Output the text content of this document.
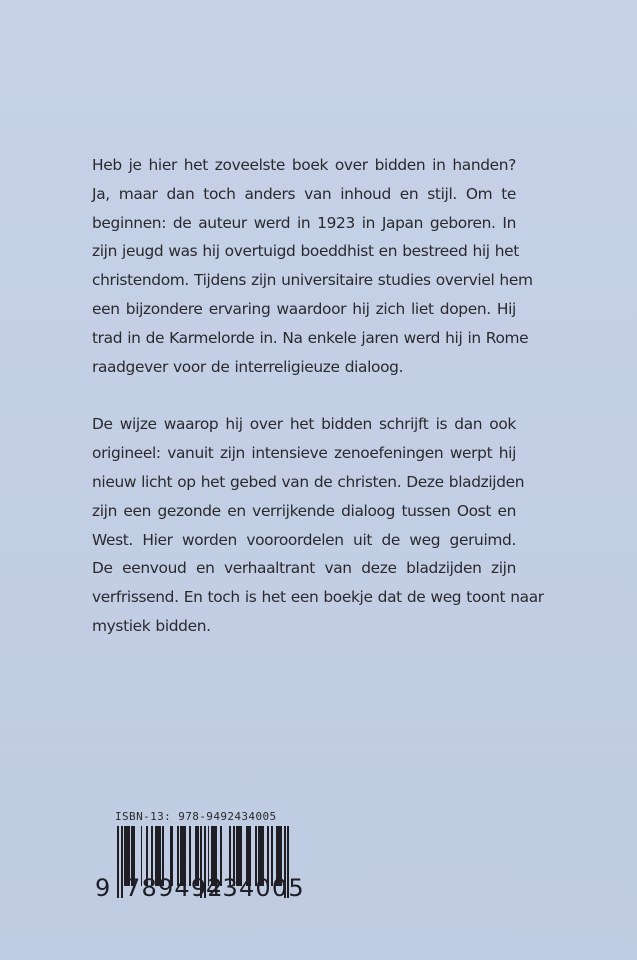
Heb je hier het zoveelste boek over bidden in handen?
Ja, maar dan toch anders van inhoud en stijl. Om te
beginnen: de auteur werd in 1923 in Japan geboren. In
zijn jeugd was hij overtuigd boeddhist en bestreed hij het
christendom. Tijdens zijn universitaire studies overviel hem
een bijzondere ervaring waardoor hij zich liet dopen. Hij
trad in de Karmelorde in. Na enkele jaren werd hij in Rome
raadgever voor de interreligieuze dialoog.

De wijze waarop hij over het bidden schrijft is dan ook
origineel: vanuit zijn intensieve zenoefeningen werpt hij
nieuw licht op het gebed van de christen. Deze bladzijden
zijn een gezonde en verrijkende dialoog tussen Oost en
West. Hier worden vooroordelen uit de weg geruimd.
De eenvoud en verhaaltrant van deze bladzijden zijn
verfrissend. En toch is het een boekje dat de weg toont naar
mystiek bidden.

ISBN-13: 978-9492434005
9 789492
434005
